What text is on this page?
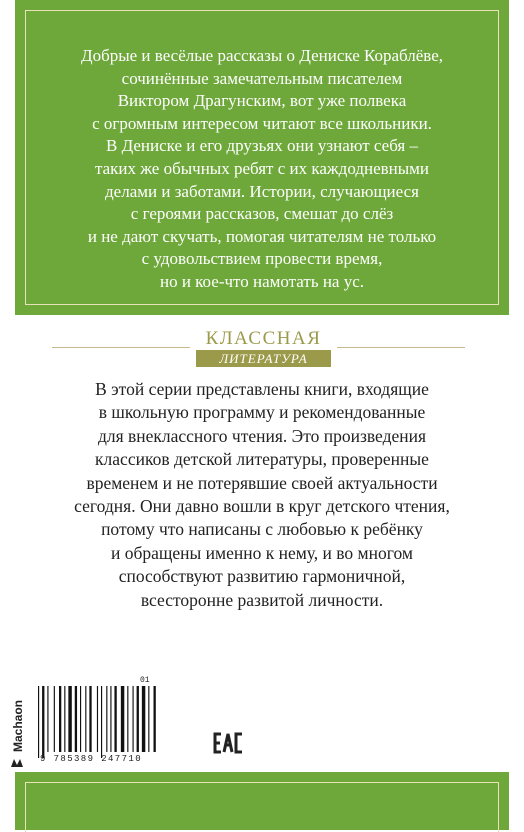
Добрые и весёлые рассказы о Дениске Кораблёве,
сочинённые замечательным писателем
Виктором Драгунским, вот уже полвека
с огромным интересом читают все школьники.
В Дениске и его друзьях они узнают себя –
таких же обычных ребят с их каждодневными
делами и заботами. Истории, случающиеся
с героями рассказов, смешат до слёз
и не дают скучать, помогая читателям не только
с удовольствием провести время,
но и кое-что намотать на ус.

КЛАССНАЯ
ЛИТЕРАТУРА

В этой серии представлены книги, входящие
в школьную программу и рекомендованные
для внеклассного чтения. Это произведения
классиков детской литературы, проверенные
временем и не потерявшие своей актуальности
сегодня. Они давно вошли в круг детского чтения,
потому что написаны с любовью к ребёнку
и обращены именно к нему, и во многом
способствуют развитию гармоничной,
всесторонне развитой личности.

Machaon
01
9 785389 247710
